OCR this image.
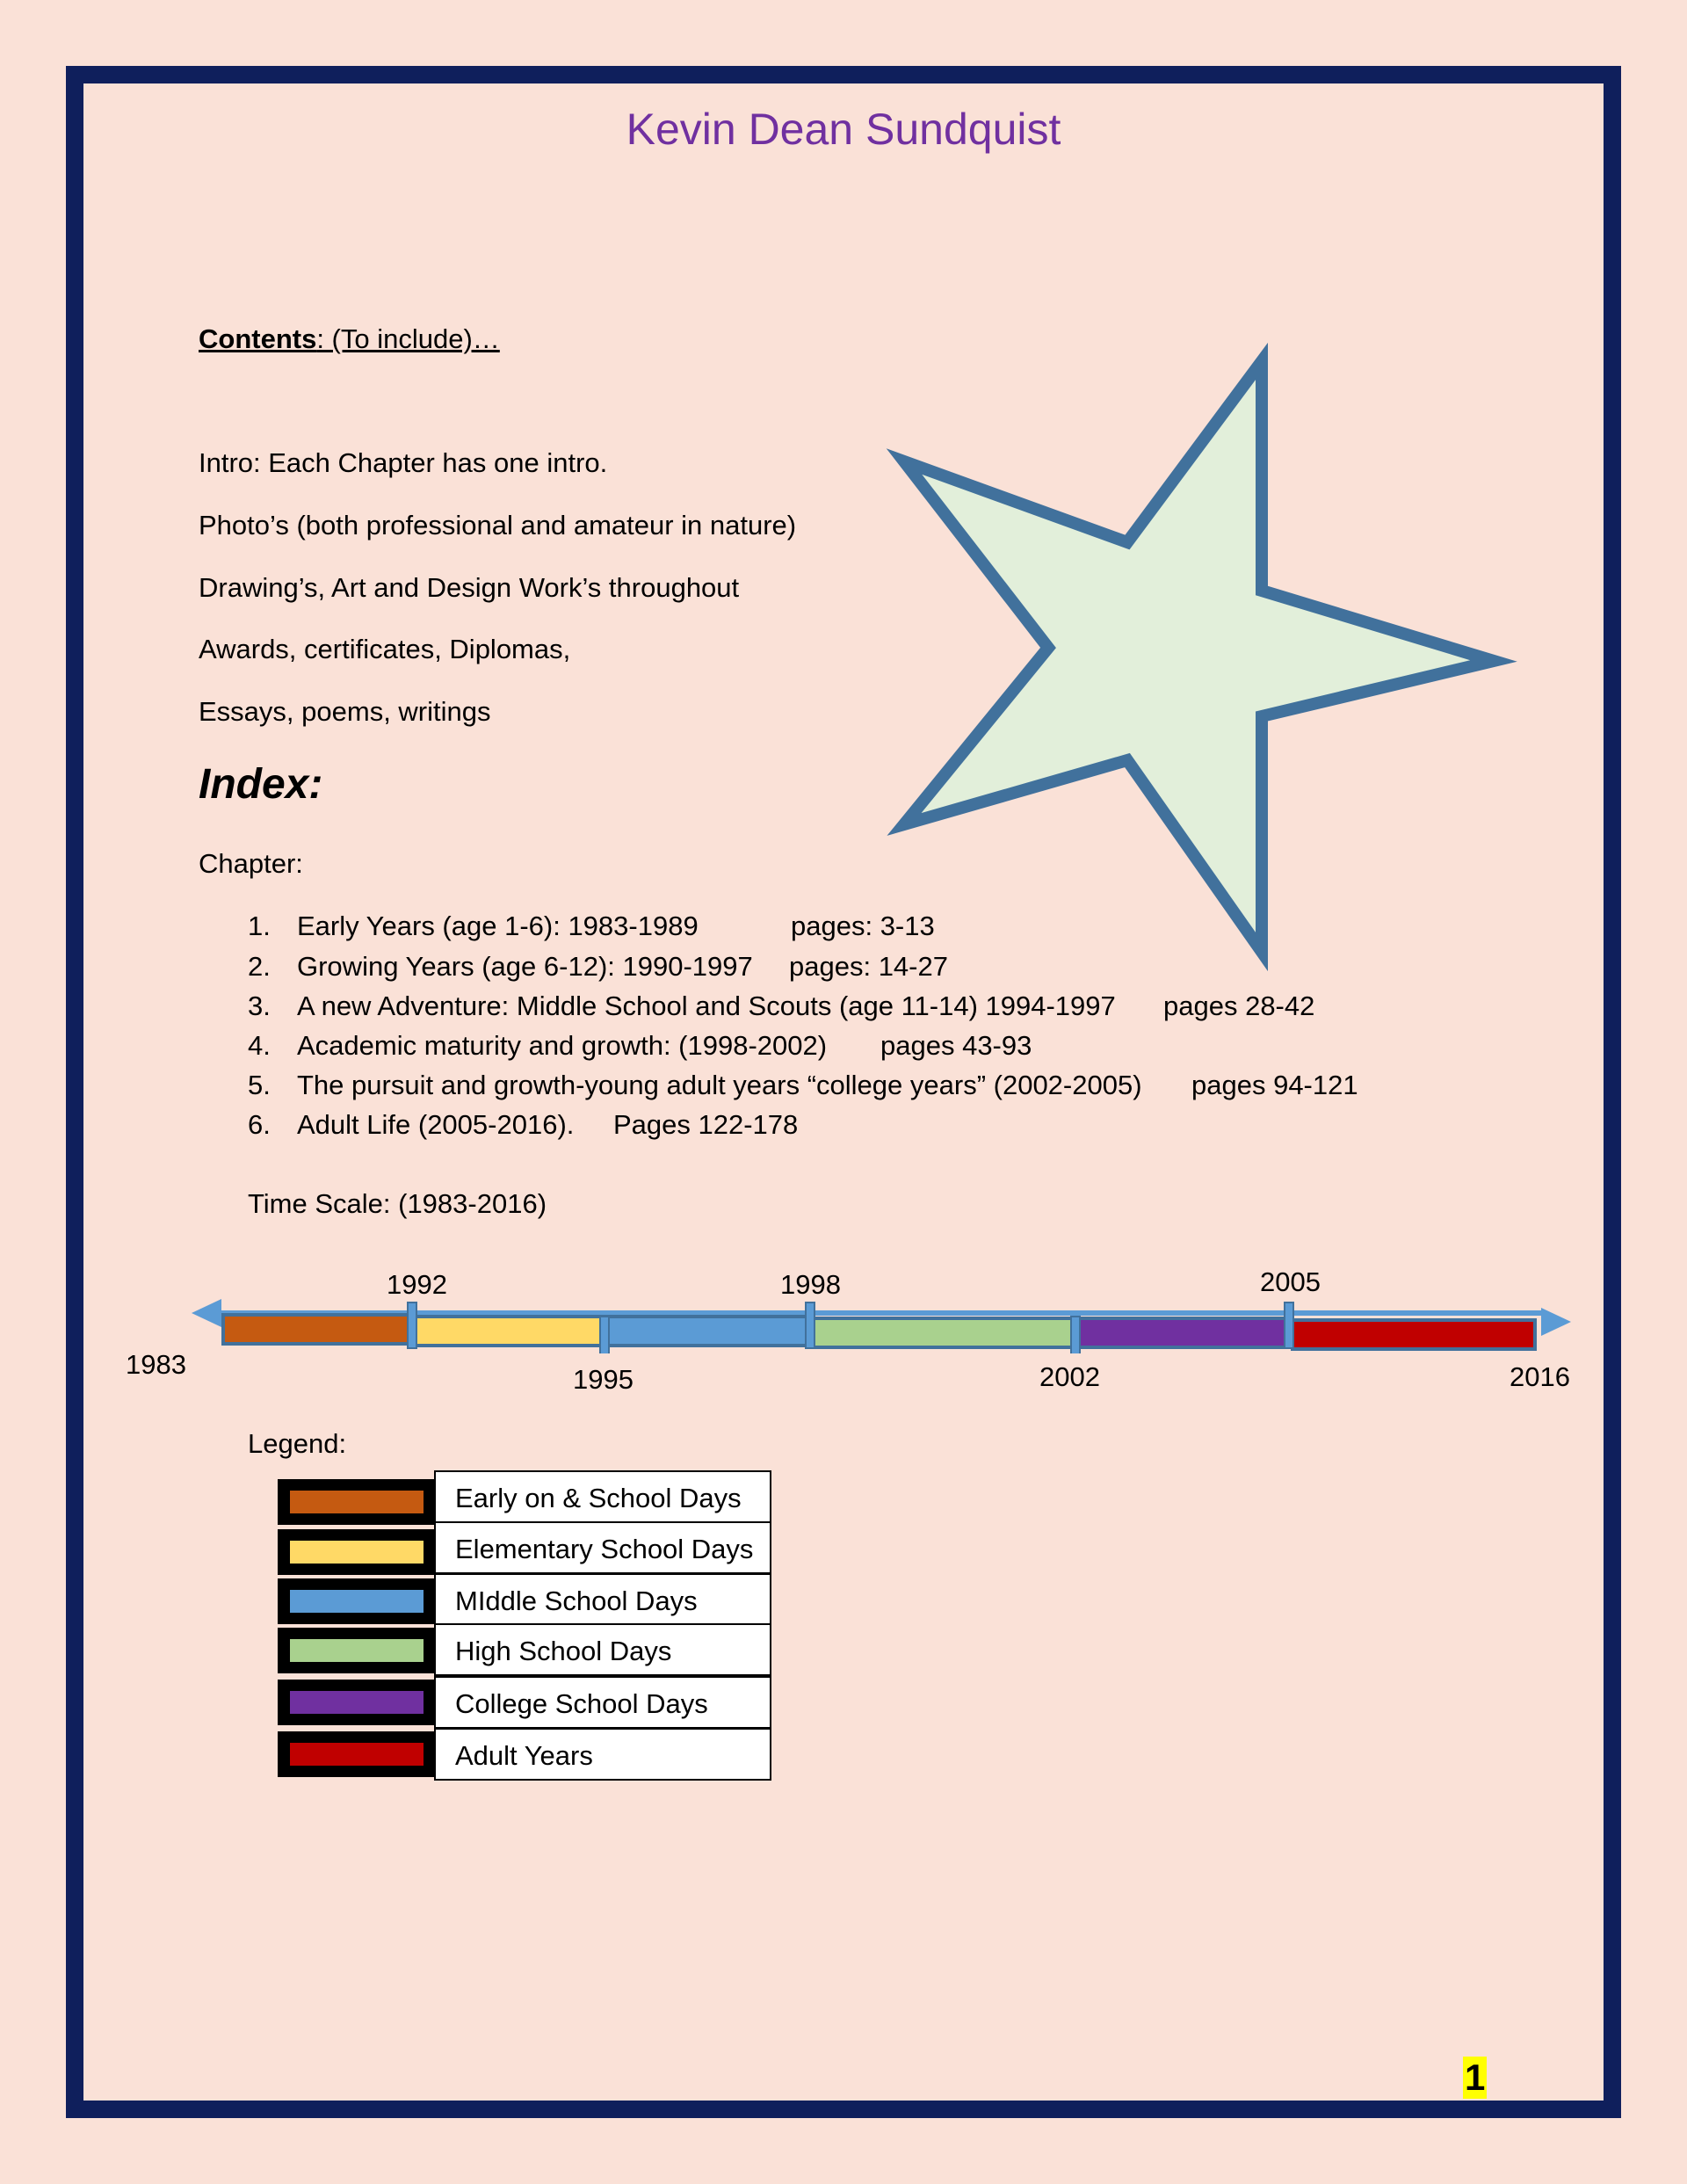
Kevin Dean Sundquist
Contents: (To include)…
Intro: Each Chapter has one intro.
Photo’s (both professional and amateur in nature)
Drawing’s, Art and Design Work’s throughout
Awards, certificates, Diplomas,
Essays, poems, writings
Index:
Chapter:
1. Early Years (age 1-6): 1983-1989	pages: 3-13
2. Growing Years (age 6-12): 1990-1997 pages: 14-27
3. A new Adventure: Middle School and Scouts (age 11-14) 1994-1997 pages 28-42
4. Academic maturity and growth: (1998-2002) pages 43-93
5. The pursuit and growth-young adult years “college years” (2002-2005) pages 94-121
6. Adult Life (2005-2016). Pages 122-178
Time Scale: (1983-2016)
1983
1992
1995
1998
2002
2005
2016
Legend:
Early on & School Days
Elementary School Days
MIddle School Days
High School Days
College School Days
Adult Years
1
